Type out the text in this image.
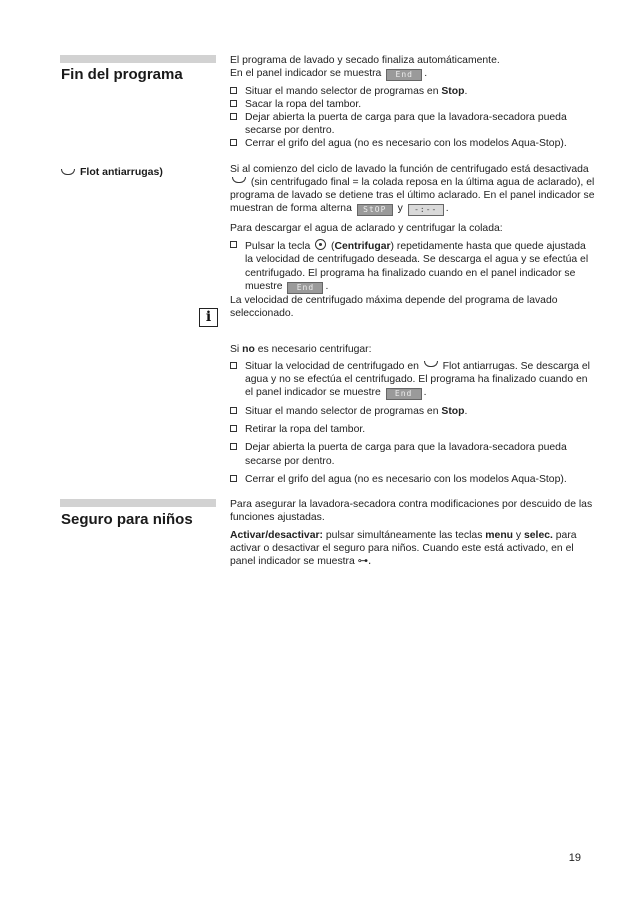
Fin del programa

El programa de lavado y secado finaliza automáticamente.

En el panel indicador se muestra End .

Situar el mando selector de programas en Stop.
Sacar la ropa del tambor.
Dejar abierta la puerta de carga para que la lavadora-secadora pueda secarse por dentro.
Cerrar el grifo del agua (no es necesario con los modelos Aqua-Stop).
Flot antiarrugas)	Si al comienzo del ciclo de lavado la función de centrifugado está desactivada  (sin centrifugado final = la colada reposa en la última agua de aclarado), el programa de lavado se detiene tras el último aclarado. En el panel indicador se muestran de forma alterna StOP y -:-- .

Para descargar el agua de aclarado y centrifugar la colada:

Pulsar la tecla  (Centrifugar) repetidamente hasta que quede ajustada la velocidad de centrifugado deseada. Se descarga el agua y se efectúa el centrifugado. El programa ha finalizado cuando en el panel indicador se muestre End .

La velocidad de centrifugado máxima depende del programa de lavado seleccionado.

i

Si no es necesario centrifugar:

Situar la velocidad de centrifugado en Flot antiarrugas. Se descarga el agua y no se efectúa el centrifugado. El programa ha finalizado cuando en el panel indicador se muestre End .
Situar el mando selector de programas en Stop.
Retirar la ropa del tambor.
Dejar abierta la puerta de carga para que la lavadora-secadora pueda secarse por dentro.
Cerrar el grifo del agua (no es necesario con los modelos Aqua-Stop).
Seguro para niños

Para asegurar la lavadora-secadora contra modificaciones por descuido de las funciones ajustadas.

Activar/desactivar: pulsar simultáneamente las teclas menu y selec. para activar o desactivar el seguro para niños. Cuando este está activado, en el panel indicador se muestra ⊶.

19
